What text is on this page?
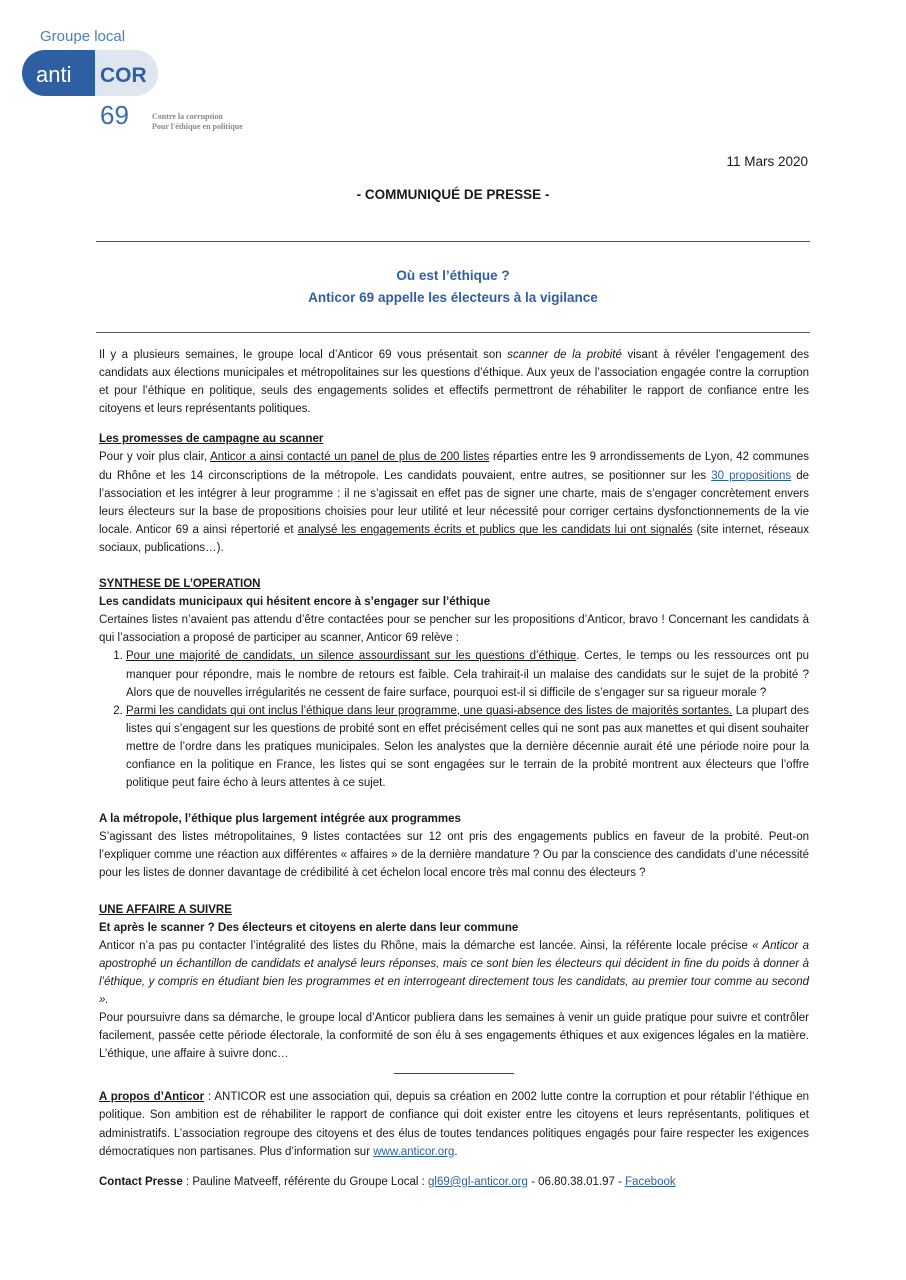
Groupe local
anti COR
69	Contre la corruption
Pour l'éthique en politique
11 Mars 2020
- COMMUNIQUÉ DE PRESSE -
Où est l’éthique ?
Anticor 69 appelle les électeurs à la vigilance

Il y a plusieurs semaines, le groupe local d’Anticor 69 vous présentait son scanner de la probité visant à révéler l’engagement des candidats aux élections municipales et métropolitaines sur les questions d’éthique. Aux yeux de l’association engagée contre la corruption et pour l’éthique en politique, seuls des engagements solides et effectifs permettront de réhabiliter le rapport de confiance entre les citoyens et leurs représentants politiques.

Les promesses de campagne au scanner

Pour y voir plus clair, Anticor a ainsi contacté un panel de plus de 200 listes réparties entre les 9 arrondissements de Lyon, 42 communes du Rhône et les 14 circonscriptions de la métropole. Les candidats pouvaient, entre autres, se positionner sur les 30 propositions de l’association et les intégrer à leur programme : il ne s’agissait en effet pas de signer une charte, mais de s’engager concrètement envers leurs électeurs sur la base de propositions choisies pour leur utilité et leur nécessité pour corriger certains dysfonctionnements de la vie locale. Anticor 69 a ainsi répertorié et analysé les engagements écrits et publics que les candidats lui ont signalés (site internet, réseaux sociaux, publications…).

SYNTHESE DE L’OPERATION
Les candidats municipaux qui hésitent encore à s’engager sur l’éthique

Certaines listes n’avaient pas attendu d’être contactées pour se pencher sur les propositions d’Anticor, bravo ! Concernant les candidats à qui l’association a proposé de participer au scanner, Anticor 69 relève :

1. Pour une majorité de candidats, un silence assourdissant sur les questions d’éthique. Certes, le temps ou les ressources ont pu manquer pour répondre, mais le nombre de retours est faible. Cela trahirait-il un malaise des candidats sur le sujet de la probité ? Alors que de nouvelles irrégularités ne cessent de faire surface, pourquoi est-il si difficile de s’engager sur sa rigueur morale ?
2. Parmi les candidats qui ont inclus l’éthique dans leur programme, une quasi-absence des listes de majorités sortantes. La plupart des listes qui s’engagent sur les questions de probité sont en effet précisément celles qui ne sont pas aux manettes et qui disent souhaiter mettre de l’ordre dans les pratiques municipales. Selon les analystes que la dernière décennie aurait été une période noire pour la confiance en la politique en France, les listes qui se sont engagées sur le terrain de la probité montrent aux électeurs que l’offre politique peut faire écho à leurs attentes à ce sujet.
A la métropole, l’éthique plus largement intégrée aux programmes

S’agissant des listes métropolitaines, 9 listes contactées sur 12 ont pris des engagements publics en faveur de la probité. Peut-on l’expliquer comme une réaction aux différentes « affaires » de la dernière mandature ? Ou par la conscience des candidats d’une nécessité pour les listes de donner davantage de crédibilité à cet échelon local encore très mal connu des électeurs ?

UNE AFFAIRE A SUIVRE
Et après le scanner ? Des électeurs et citoyens en alerte dans leur commune

Anticor n’a pas pu contacter l’intégralité des listes du Rhône, mais la démarche est lancée. Ainsi, la référente locale précise « Anticor a apostrophé un échantillon de candidats et analysé leurs réponses, mais ce sont bien les électeurs qui décident in fine du poids à donner à l’éthique, y compris en étudiant bien les programmes et en interrogeant directement tous les candidats, au premier tour comme au second ».

Pour poursuivre dans sa démarche, le groupe local d’Anticor publiera dans les semaines à venir un guide pratique pour suivre et contrôler facilement, passée cette période électorale, la conformité de son élu à ses engagements éthiques et aux exigences légales en la matière. L’éthique, une affaire à suivre donc…

A propos d’Anticor : ANTICOR est une association qui, depuis sa création en 2002 lutte contre la corruption et pour rétablir l’éthique en politique. Son ambition est de réhabiliter le rapport de confiance qui doit exister entre les citoyens et leurs représentants, politiques et administratifs. L’association regroupe des citoyens et des élus de toutes tendances politiques engagés pour faire respecter les exigences démocratiques non partisanes. Plus d’information sur www.anticor.org.

Contact Presse : Pauline Matveeff, référente du Groupe Local : gl69@gl-anticor.org - 06.80.38.01.97 - Facebook
